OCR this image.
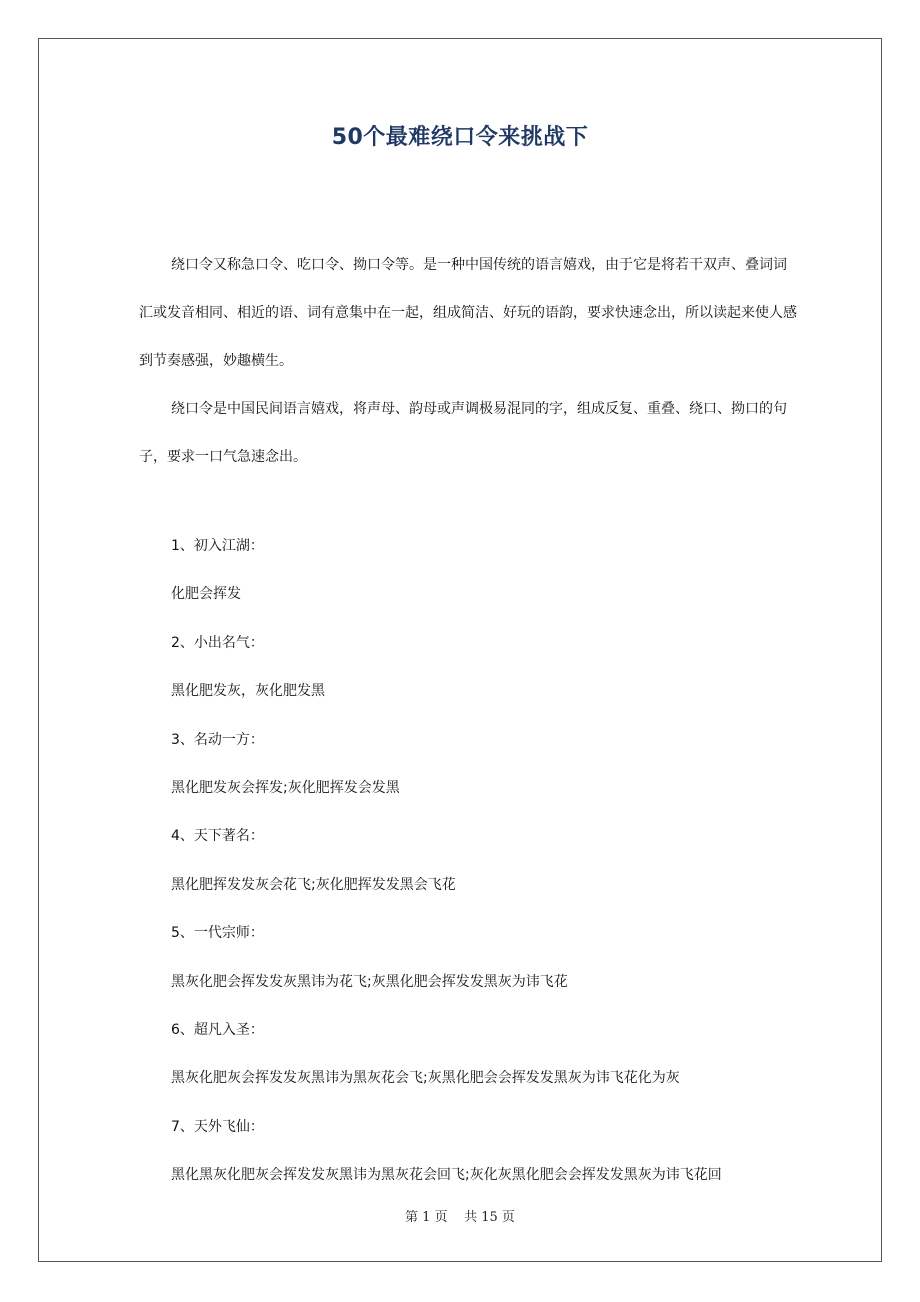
50个最难绕口令来挑战下

绕口令又称急口令、吃口令、拗口令等。是一种中国传统的语言嬉戏，由于它是将若干双声、叠词词汇或发音相同、相近的语、词有意集中在一起，组成简洁、好玩的语韵，要求快速念出，所以读起来使人感到节奏感强，妙趣横生。

绕口令是中国民间语言嬉戏，将声母、韵母或声调极易混同的字，组成反复、重叠、绕口、拗口的句子，要求一口气急速念出。

1、初入江湖：
化肥会挥发
2、小出名气：
黑化肥发灰，灰化肥发黑
3、名动一方：
黑化肥发灰会挥发;灰化肥挥发会发黑
4、天下著名：
黑化肥挥发发灰会花飞;灰化肥挥发发黑会飞花
5、一代宗师：
黑灰化肥会挥发发灰黑讳为花飞;灰黑化肥会挥发发黑灰为讳飞花
6、超凡入圣：
黑灰化肥灰会挥发发灰黑讳为黑灰花会飞;灰黑化肥会会挥发发黑灰为讳飞花化为灰
7、天外飞仙：
黑化黑灰化肥灰会挥发发灰黑讳为黑灰花会回飞;灰化灰黑化肥会会挥发发黑灰为讳飞花回
第 1 页 共 15 页
